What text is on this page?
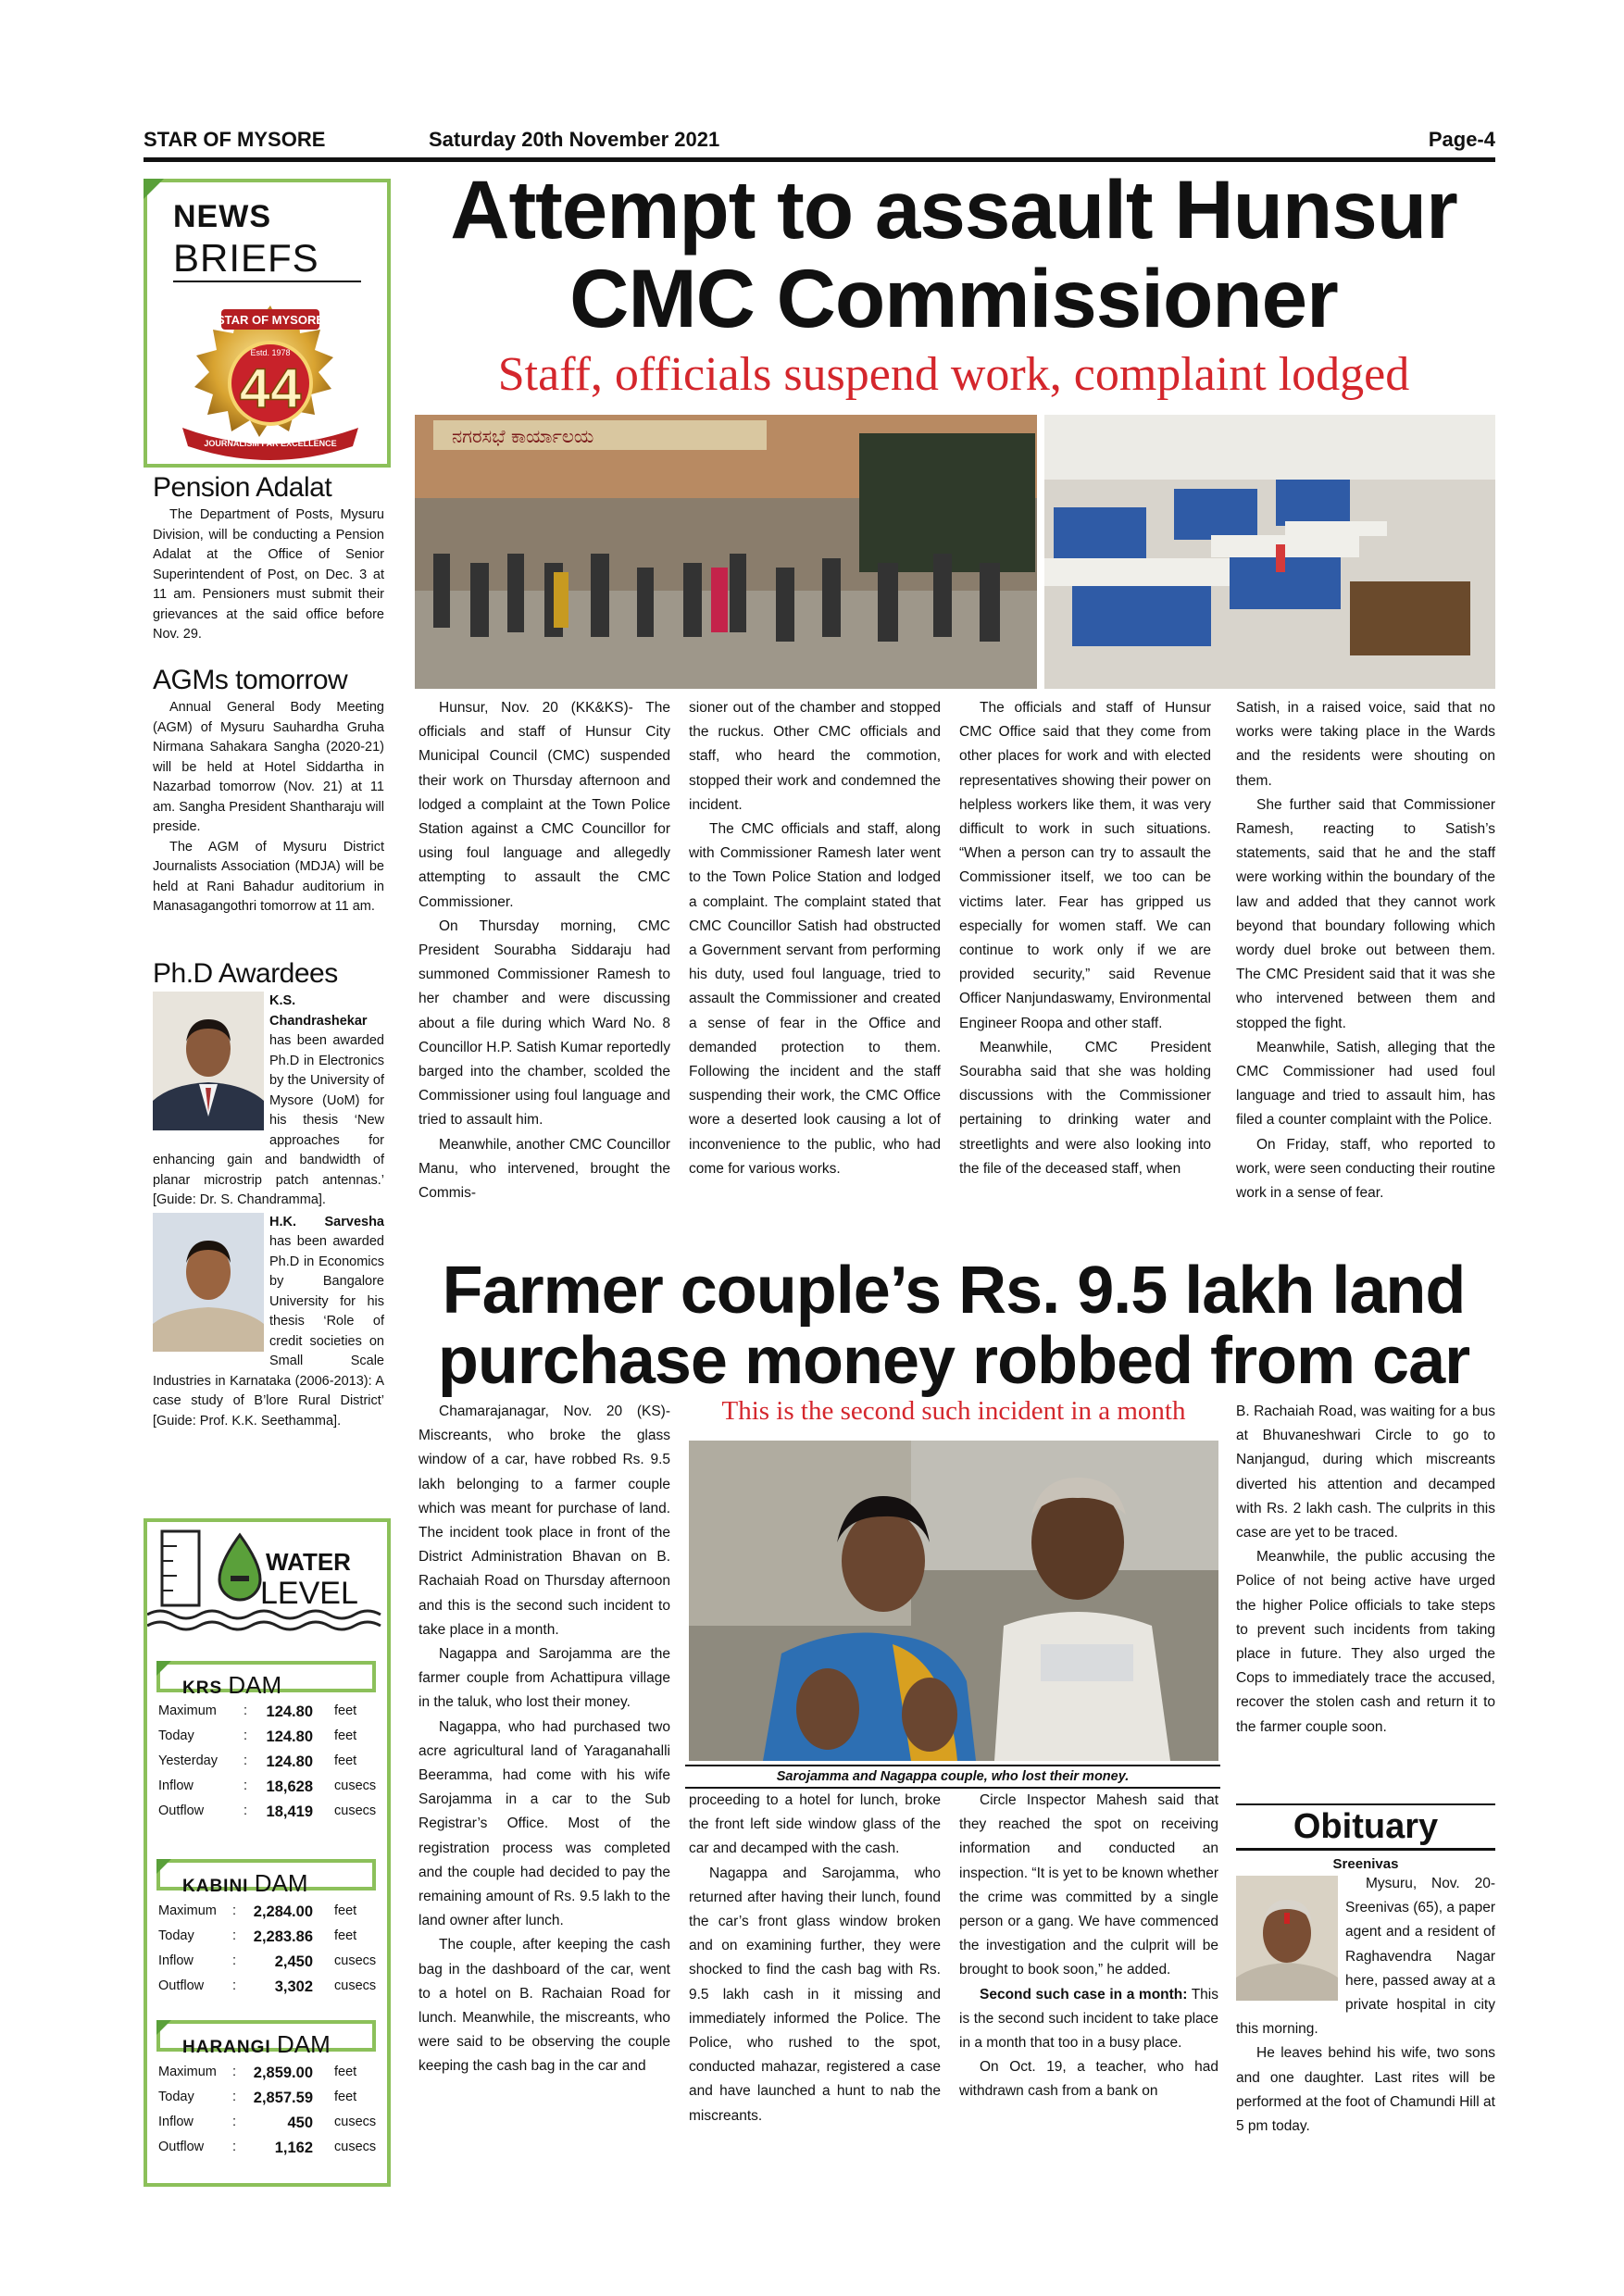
STAR OF MYSORE	Saturday 20th November 2021	Page-4
NEWS
BRIEFS
STAR OF MYSORE
Estd. 1978
44
JOURNALISM PAR EXCELLENCE
Pension Adalat

The Department of Posts, Mysuru Division, will be conducting a Pension Adalat at the Office of Senior Superintendent of Post, on Dec. 3 at 11 am. Pensioners must submit their grievances at the said office before Nov. 29.

AGMs tomorrow

Annual General Body Meeting (AGM) of Mysuru Sauhardha Gruha Nirmana Sahakara Sangha (2020-21) will be held at Hotel Siddartha in Nazarbad tomorrow (Nov. 21) at 11 am. Sangha President Shantharaju will preside.

The AGM of Mysuru District Journalists Association (MDJA) will be held at Rani Bahadur auditorium in Manasagangothri tomorrow at 11 am.

Ph.D Awardees
K.S. Chandrashekar has been awarded Ph.D in Electronics by the University of Mysore (UoM) for his thesis ‘New approaches for enhancing gain and bandwidth of planar microstrip patch antennas.’ [Guide: Dr. S. Chandramma].
H.K. Sarvesha has been awarded Ph.D in Economics by Bangalore University for his thesis ‘Role of credit societies on Small Scale Industries in Karnataka (2006-2013): A case study of B’lore Rural District’ [Guide: Prof. K.K. Seethamma].
WATER
LEVEL
KRS DAM
Maximum : 124.80 feet
Today	: 124.80 feet
Yesterday : 124.80 feet
Inflow	: 18,628 cusecs
Outflow	: 18,419 cusecs
KABINI DAM
Maximum : 2,284.00 feet
Today	: 2,283.86 feet
Inflow	:	2,450 cusecs
Outflow :	3,302 cusecs
HARANGI DAM
Maximum : 2,859.00 feet
Today	: 2,857.59 feet
Inflow	:	450 cusecs
Outflow :	1,162 cusecs
Attempt to assault Hunsur CMC Commissioner
Staff, officials suspend work, complaint lodged
ನಗರಸಭೆ ಕಾರ್ಯಾಲಯ

Hunsur, Nov. 20 (KK&KS)- The officials and staff of Hunsur City Municipal Council (CMC) suspended their work on Thursday afternoon and lodged a complaint at the Town Police Station against a CMC Councillor for using foul language and allegedly attempting to assault the CMC Commissioner.

On Thursday morning, CMC President Sourabha Siddaraju had summoned Commissioner Ramesh to her chamber and were discussing about a file during which Ward No. 8 Councillor H.P. Satish Kumar reportedly barged into the chamber, scolded the Commissioner using foul language and tried to assault him.

Meanwhile, another CMC Councillor Manu, who intervened, brought the Commis-

sioner out of the chamber and stopped the ruckus. Other CMC officials and staff, who heard the commotion, stopped their work and condemned the incident.

The CMC officials and staff, along with Commissioner Ramesh later went to the Town Police Station and lodged a complaint. The complaint stated that CMC Councillor Satish had obstructed a Government servant from performing his duty, used foul language, tried to assault the Commissioner and created a sense of fear in the Office and demanded protection to them. Following the incident and the staff suspending their work, the CMC Office wore a deserted look causing a lot of inconvenience to the public, who had come for various works.

The officials and staff of Hunsur CMC Office said that they come from other places for work and with elected representatives showing their power on helpless workers like them, it was very difficult to work in such situations. “When a person can try to assault the Commissioner itself, we too can be victims later. Fear has gripped us especially for women staff. We can continue to work only if we are provided security,” said Revenue Officer Nanjundaswamy, Environmental Engineer Roopa and other staff.

Meanwhile, CMC President Sourabha said that she was holding discussions with the Commissioner pertaining to drinking water and streetlights and were also looking into the file of the deceased staff, when

Satish, in a raised voice, said that no works were taking place in the Wards and the residents were shouting on them.

She further said that Commissioner Ramesh, reacting to Satish’s statements, said that he and the staff were working within the boundary of the law and added that they cannot work beyond that boundary following which wordy duel broke out between them. The CMC President said that it was she who intervened between them and stopped the fight.

Meanwhile, Satish, alleging that the CMC Commissioner had used foul language and tried to assault him, has filed a counter complaint with the Police.

On Friday, staff, who reported to work, were seen conducting their routine work in a sense of fear.

Farmer couple’s Rs. 9.5 lakh land purchase money robbed from car
This is the second such incident in a month
Sarojamma and Nagappa couple, who lost their money.

Chamarajanagar, Nov. 20 (KS)- Miscreants, who broke the glass window of a car, have robbed Rs. 9.5 lakh belonging to a farmer couple which was meant for purchase of land. The incident took place in front of the District Administration Bhavan on B. Rachaiah Road on Thursday afternoon and this is the second such incident to take place in a month.

Nagappa and Sarojamma are the farmer couple from Achattipura village in the taluk, who lost their money.

Nagappa, who had purchased two acre agricultural land of Yaraganahalli Beeramma, had come with his wife Sarojamma in a car to the Sub Registrar’s Office. Most of the registration process was completed and the couple had decided to pay the remaining amount of Rs. 9.5 lakh to the land owner after lunch.

The couple, after keeping the cash bag in the dashboard of the car, went to a hotel on B. Rachaian Road for lunch. Meanwhile, the miscreants, who were said to be observing the couple keeping the cash bag in the car and

proceeding to a hotel for lunch, broke the front left side window glass of the car and decamped with the cash.

Nagappa and Sarojamma, who returned after having their lunch, found the car’s front glass window broken and on examining further, they were shocked to find the cash bag with Rs. 9.5 lakh cash in it missing and immediately informed the Police. The Police, who rushed to the spot, conducted mahazar, registered a case and have launched a hunt to nab the miscreants.

Circle Inspector Mahesh said that they reached the spot on receiving information and conducted an inspection. “It is yet to be known whether the crime was committed by a single person or a gang. We have commenced the investigation and the culprit will be brought to book soon,” he added.

Second such case in a month: This is the second such incident to take place in a month that too in a busy place.

On Oct. 19, a teacher, who had withdrawn cash from a bank on

B. Rachaiah Road, was waiting for a bus at Bhuvaneshwari Circle to go to Nanjangud, during which miscreants diverted his attention and decamped with Rs. 2 lakh cash. The culprits in this case are yet to be traced.

Meanwhile, the public accusing the Police of not being active have urged the higher Police officials to take steps to prevent such incidents from taking place in future. They also urged the Cops to immediately trace the accused, recover the stolen cash and return it to the farmer couple soon.

Obituary
Sreenivas

Mysuru, Nov. 20- Sreenivas (65), a paper agent and a resident of Raghavendra Nagar here, passed away at a private hospital in city this morning.

He leaves behind his wife, two sons and one daughter. Last rites will be performed at the foot of Chamundi Hill at 5 pm today.
